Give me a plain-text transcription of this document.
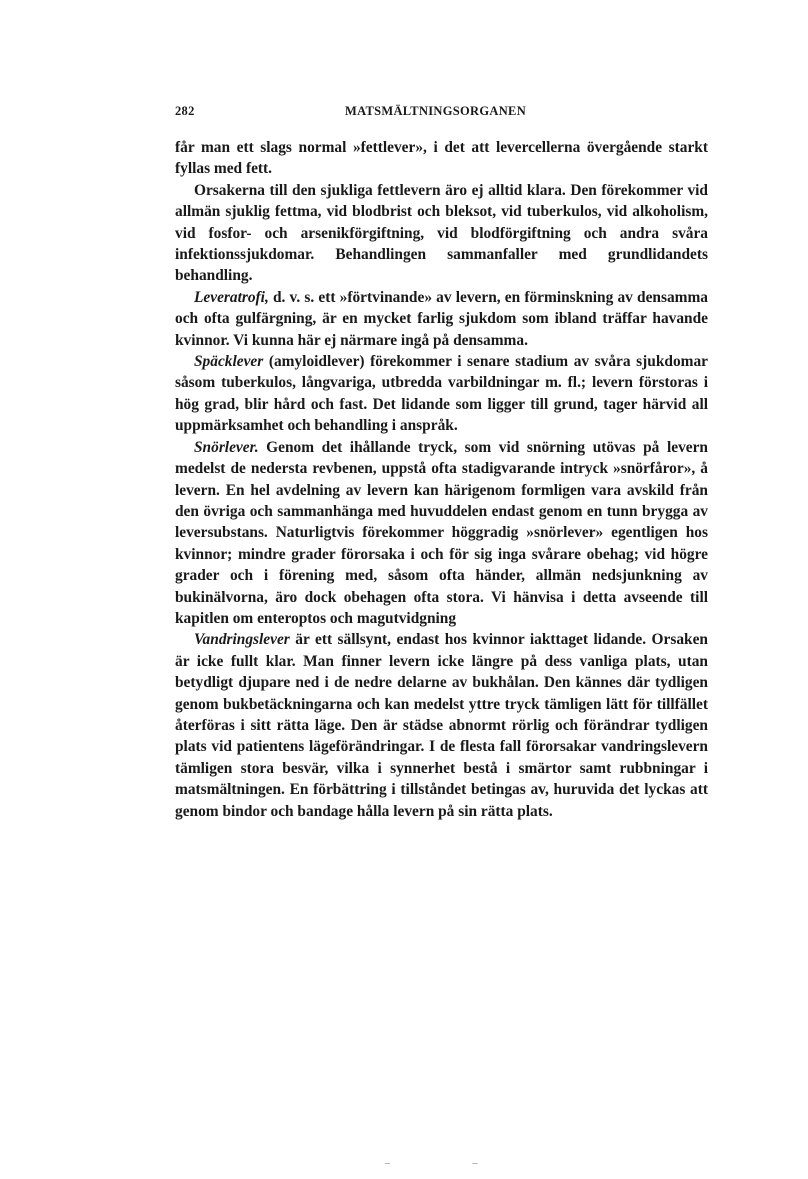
282	MATSMÄLTNINGSORGANEN

får man ett slags normal »fettlever», i det att levercellerna övergående starkt fyllas med fett.

Orsakerna till den sjukliga fettlevern äro ej alltid klara. Den förekommer vid allmän sjuklig fettma, vid blodbrist och bleksot, vid tuberkulos, vid alkoholism, vid fosfor- och arsenikförgiftning, vid blodförgiftning och andra svåra infektionssjukdomar. Behandlingen sammanfaller med grundlidandets behandling.

Leveratrofi, d. v. s. ett »förtvinande» av levern, en förminskning av densamma och ofta gulfärgning, är en mycket farlig sjukdom som ibland träffar havande kvinnor. Vi kunna här ej närmare ingå på densamma.

Späcklever (amyloidlever) förekommer i senare stadium av svåra sjukdomar såsom tuberkulos, långvariga, utbredda varbildningar m. fl.; levern förstoras i hög grad, blir hård och fast. Det lidande som ligger till grund, tager härvid all uppmärksamhet och behandling i anspråk.

Snörlever. Genom det ihållande tryck, som vid snörning utövas på levern medelst de nedersta revbenen, uppstå ofta stadigvarande intryck »snörfåror», å levern. En hel avdelning av levern kan härigenom formligen vara avskild från den övriga och sammanhänga med huvuddelen endast genom en tunn brygga av leversubstans. Naturligtvis förekommer höggradig »snörlever» egentligen hos kvinnor; mindre grader förorsaka i och för sig inga svårare obehag; vid högre grader och i förening med, såsom ofta händer, allmän nedsjunkning av bukinälvorna, äro dock obehagen ofta stora. Vi hänvisa i detta avseende till kapitlen om enteroptos och magutvidgning

Vandringslever är ett sällsynt, endast hos kvinnor iakttaget lidande. Orsaken är icke fullt klar. Man finner levern icke längre på dess vanliga plats, utan betydligt djupare ned i de nedre delarne av bukhålan. Den kännes där tydligen genom bukbetäckningarna och kan medelst yttre tryck tämligen lätt för tillfället återföras i sitt rätta läge. Den är städse abnormt rörlig och förändrar tydligen plats vid patientens lägeförändringar. I de flesta fall förorsakar vandringslevern tämligen stora besvär, vilka i synnerhet bestå i smärtor samt rubbningar i matsmältningen. En förbättring i tillståndet betingas av, huruvida det lyckas att genom bindor och bandage hålla levern på sin rätta plats.

– –
